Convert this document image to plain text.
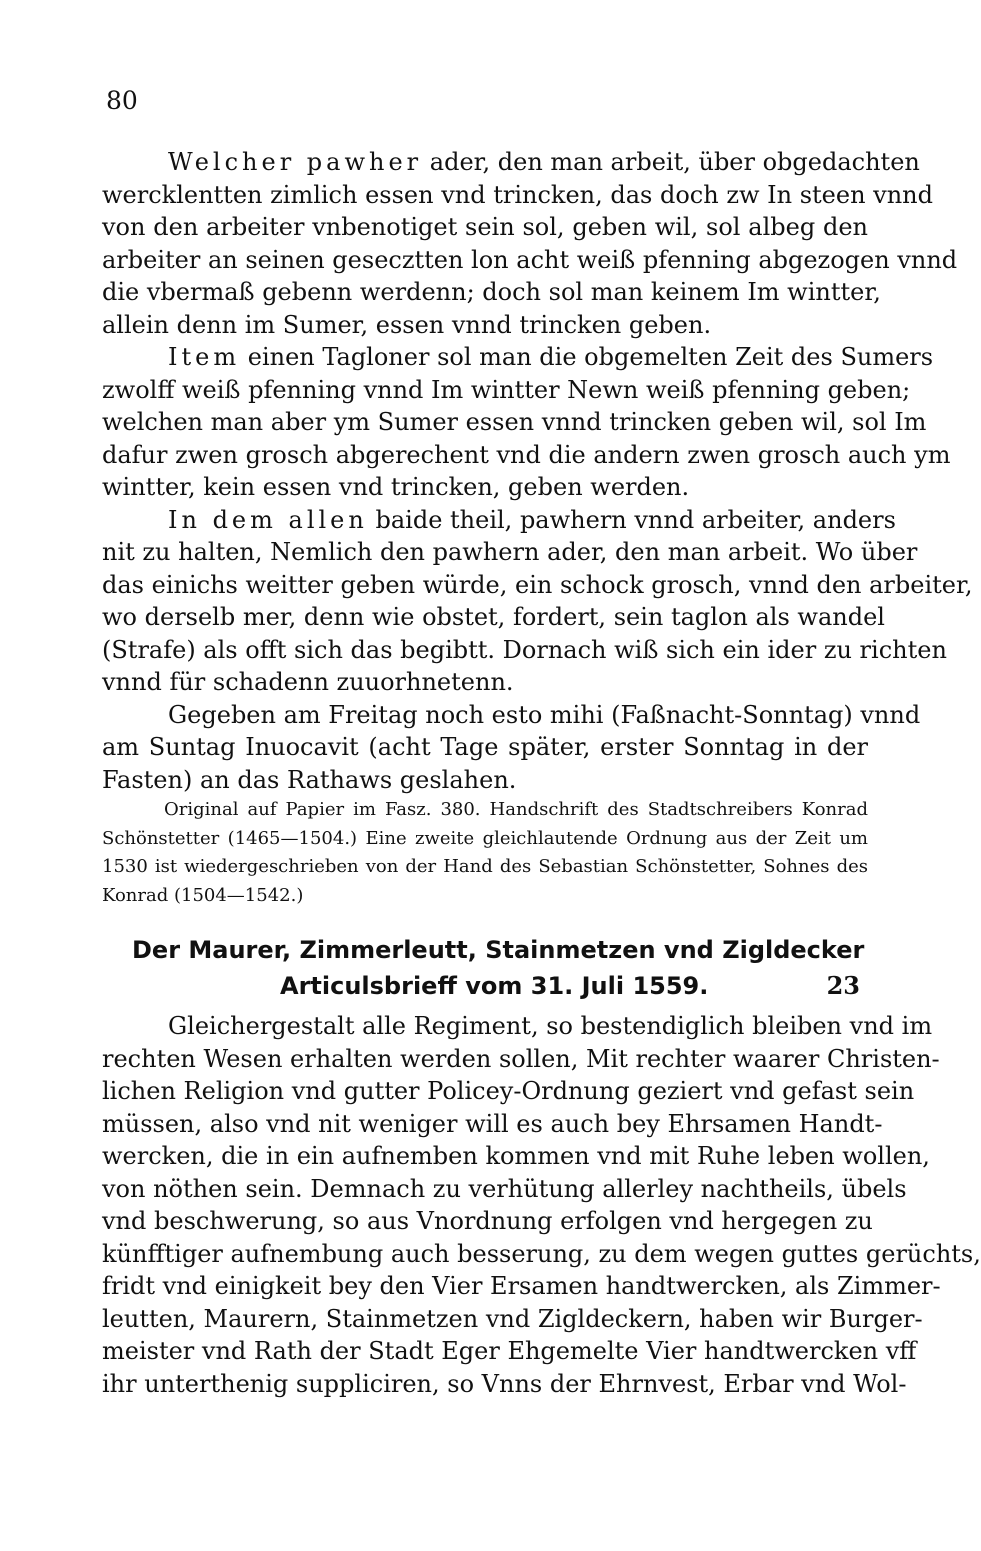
80
Welcher pawher ader, den man arbeit, über obgedachten
wercklentten zimlich essen vnd trincken, das doch zw In steen vnnd
von den arbeiter vnbenotiget sein sol, geben wil, sol albeg den
arbeiter an seinen gesecztten lon acht weiß pfenning abgezogen vnnd
die vbermaß gebenn werdenn; doch sol man keinem Im wintter,
allein denn im Sumer, essen vnnd trincken geben.
Item einen Tagloner sol man die obgemelten Zeit des Sumers
zwolff weiß pfenning vnnd Im wintter Newn weiß pfenning geben;
welchen man aber ym Sumer essen vnnd trincken geben wil, sol Im
dafur zwen grosch abgerechent vnd die andern zwen grosch auch ym
wintter, kein essen vnd trincken, geben werden.
In dem allen baide theil, pawhern vnnd arbeiter, anders
nit zu halten, Nemlich den pawhern ader, den man arbeit. Wo über
das einichs weitter geben würde, ein schock grosch, vnnd den arbeiter,
wo derselb mer, denn wie obstet, fordert, sein taglon als wandel
(Strafe) als offt sich das begibtt. Dornach wiß sich ein ider zu richten
vnnd für schadenn zuuorhnetenn.
Gegeben am Freitag noch esto mihi (Faßnacht-Sonntag) vnnd
am Suntag Inuocavit (acht Tage später, erster Sonntag in der
Fasten) an das Rathaws geslahen.
Original auf Papier im Fasz. 380. Handschrift des Stadtschreibers Konrad
Schönstetter (1465—1504.) Eine zweite gleichlautende Ordnung aus der Zeit um
1530 ist wiedergeschrieben von der Hand des Sebastian Schönstetter, Sohnes des
Konrad (1504—1542.)
Der Maurer, Zimmerleutt, Stainmetzen vnd Zigldecker
Articulsbrieff vom 31. Juli 1559.	23
Gleichergestalt alle Regiment, so bestendiglich bleiben vnd im
rechten Wesen erhalten werden sollen, Mit rechter waarer Christen-
lichen Religion vnd gutter Policey-Ordnung geziert vnd gefast sein
müssen, also vnd nit weniger will es auch bey Ehrsamen Handt-
wercken, die in ein aufnemben kommen vnd mit Ruhe leben wollen,
von nöthen sein. Demnach zu verhütung allerley nachtheils, übels
vnd beschwerung, so aus Vnordnung erfolgen vnd hergegen zu
künfftiger aufnembung auch besserung, zu dem wegen guttes gerüchts,
fridt vnd einigkeit bey den Vier Ersamen handtwercken, als Zimmer-
leutten, Maurern, Stainmetzen vnd Zigldeckern, haben wir Burger-
meister vnd Rath der Stadt Eger Ehgemelte Vier handtwercken vff
ihr unterthenig suppliciren, so Vnns der Ehrnvest, Erbar vnd Wol-
